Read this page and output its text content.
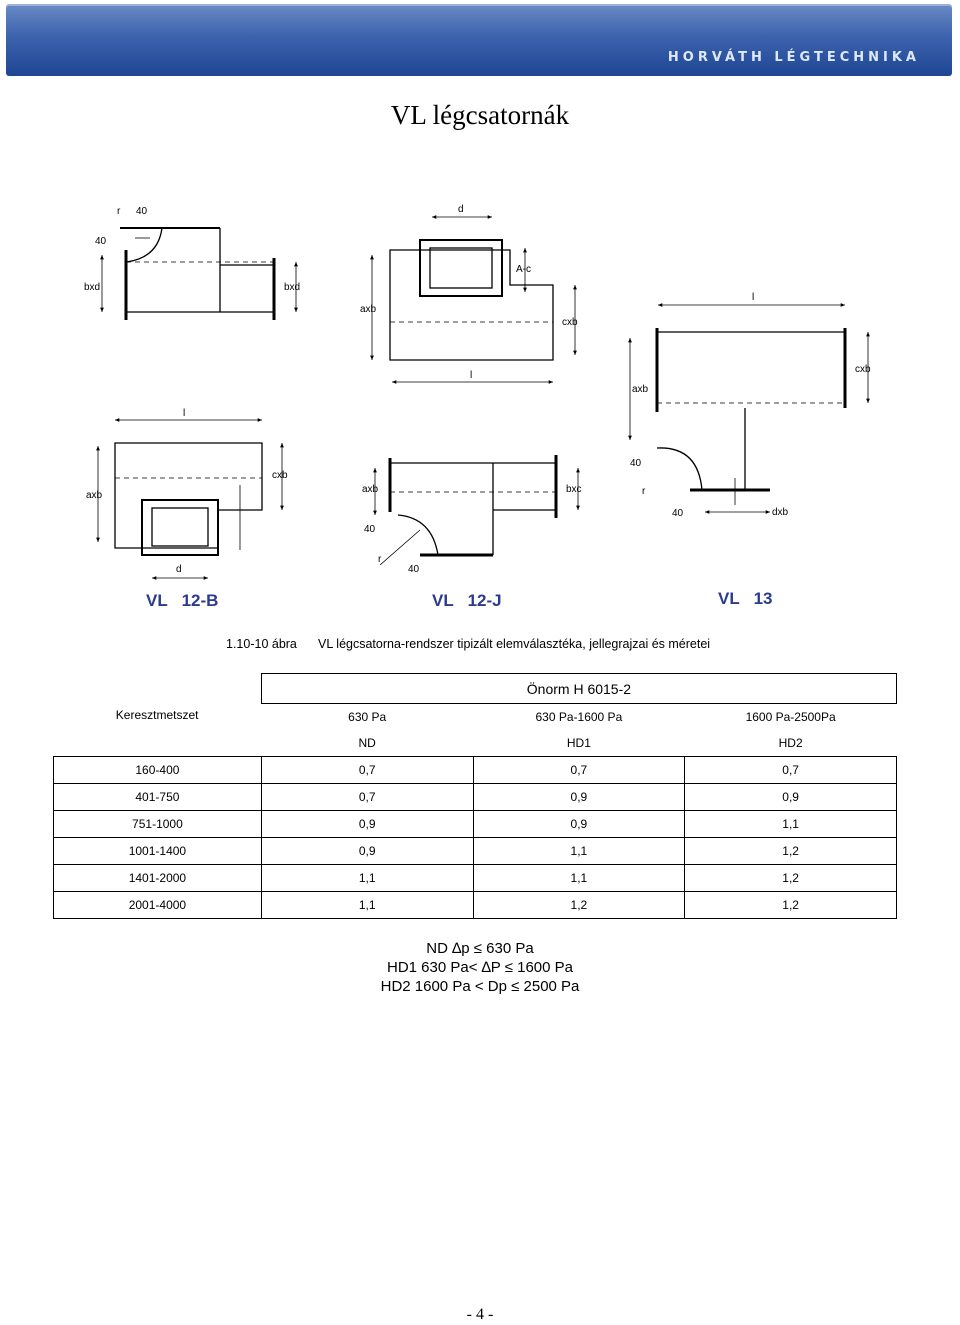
HORVÁTH LÉGTECHNIKA
VL légcsatornák
r 40
40
bxd	bxd
d
A-c
cxb
axb
l
l
axb
cxb
40
r
40	dxb
l
axb
cxb
d
axb	bxc
40
r
40
VL   12-B	VL   12-J	VL   13
1.10-10 ábra VL légcsatorna-rendszer tipizált elemválasztéka, jellegrajzai és méretei
Keresztmetszet	Önorm H 6015-2		
	630 Pa	630 Pa-1600 Pa	1600 Pa-2500Pa
	ND	HD1	HD2
160-400	0,7	0,7	0,7
401-750	0,7	0,9	0,9
751-1000	0,9	0,9	1,1
1001-1400	0,9	1,1	1,2
1401-2000	1,1	1,1	1,2
2001-4000	1,1	1,2	1,2
ND ∆p ≤ 630 Pa
HD1 630 Pa< ∆P ≤ 1600 Pa
HD2 1600 Pa < Dp ≤ 2500 Pa
- 4 -
